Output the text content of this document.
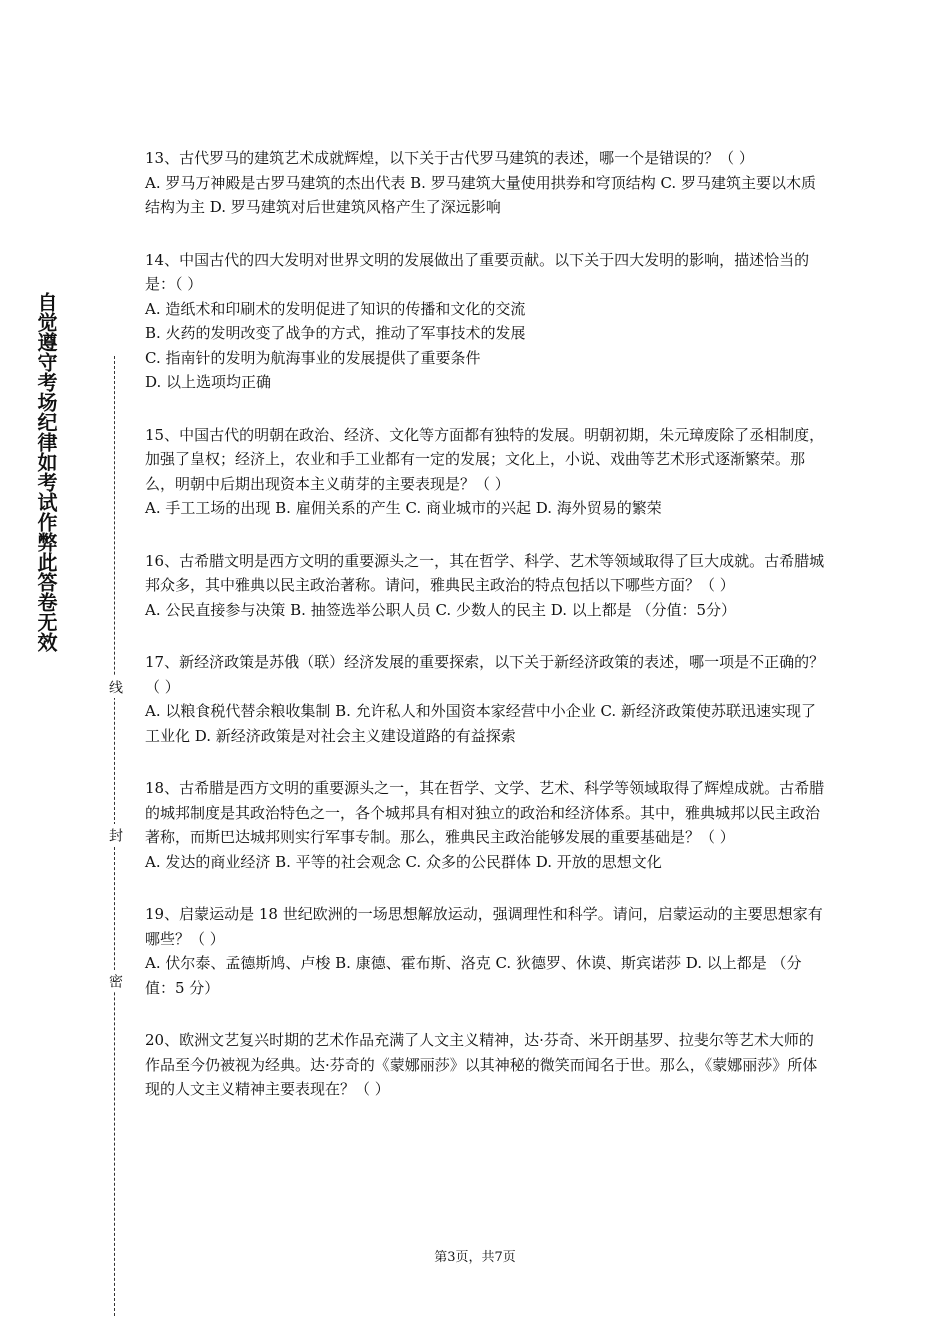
自觉遵守考场纪律如考试作弊此答卷无效
线
封
密

13、古代罗马的建筑艺术成就辉煌，以下关于古代罗马建筑的表述，哪一个是错误的？（ ）

A. 罗马万神殿是古罗马建筑的杰出代表 B. 罗马建筑大量使用拱券和穹顶结构 C. 罗马建筑主要以木质结构为主 D. 罗马建筑对后世建筑风格产生了深远影响

14、中国古代的四大发明对世界文明的发展做出了重要贡献。以下关于四大发明的影响，描述恰当的是：（ ）

A. 造纸术和印刷术的发明促进了知识的传播和文化的交流

B. 火药的发明改变了战争的方式，推动了军事技术的发展

C. 指南针的发明为航海事业的发展提供了重要条件

D. 以上选项均正确

15、中国古代的明朝在政治、经济、文化等方面都有独特的发展。明朝初期，朱元璋废除了丞相制度，加强了皇权；经济上，农业和手工业都有一定的发展；文化上，小说、戏曲等艺术形式逐渐繁荣。那么，明朝中后期出现资本主义萌芽的主要表现是？（ ）

A. 手工工场的出现 B. 雇佣关系的产生 C. 商业城市的兴起 D. 海外贸易的繁荣

16、古希腊文明是西方文明的重要源头之一，其在哲学、科学、艺术等领域取得了巨大成就。古希腊城邦众多，其中雅典以民主政治著称。请问，雅典民主政治的特点包括以下哪些方面？（ ）

A. 公民直接参与决策 B. 抽签选举公职人员 C. 少数人的民主 D. 以上都是 （分值：5分）

17、新经济政策是苏俄（联）经济发展的重要探索，以下关于新经济政策的表述，哪一项是不正确的？（ ）

A. 以粮食税代替余粮收集制 B. 允许私人和外国资本家经营中小企业 C. 新经济政策使苏联迅速实现了工业化 D. 新经济政策是对社会主义建设道路的有益探索

18、古希腊是西方文明的重要源头之一，其在哲学、文学、艺术、科学等领域取得了辉煌成就。古希腊的城邦制度是其政治特色之一，各个城邦具有相对独立的政治和经济体系。其中，雅典城邦以民主政治著称，而斯巴达城邦则实行军事专制。那么，雅典民主政治能够发展的重要基础是？（ ）

A. 发达的商业经济 B. 平等的社会观念 C. 众多的公民群体 D. 开放的思想文化

19、启蒙运动是 18 世纪欧洲的一场思想解放运动，强调理性和科学。请问，启蒙运动的主要思想家有哪些？（ ）

A. 伏尔泰、孟德斯鸠、卢梭 B. 康德、霍布斯、洛克 C. 狄德罗、休谟、斯宾诺莎 D. 以上都是 （分值：5 分）

20、欧洲文艺复兴时期的艺术作品充满了人文主义精神，达·芬奇、米开朗基罗、拉斐尔等艺术大师的作品至今仍被视为经典。达·芬奇的《蒙娜丽莎》以其神秘的微笑而闻名于世。那么，《蒙娜丽莎》所体现的人文主义精神主要表现在？（ ）

第3页，共7页
